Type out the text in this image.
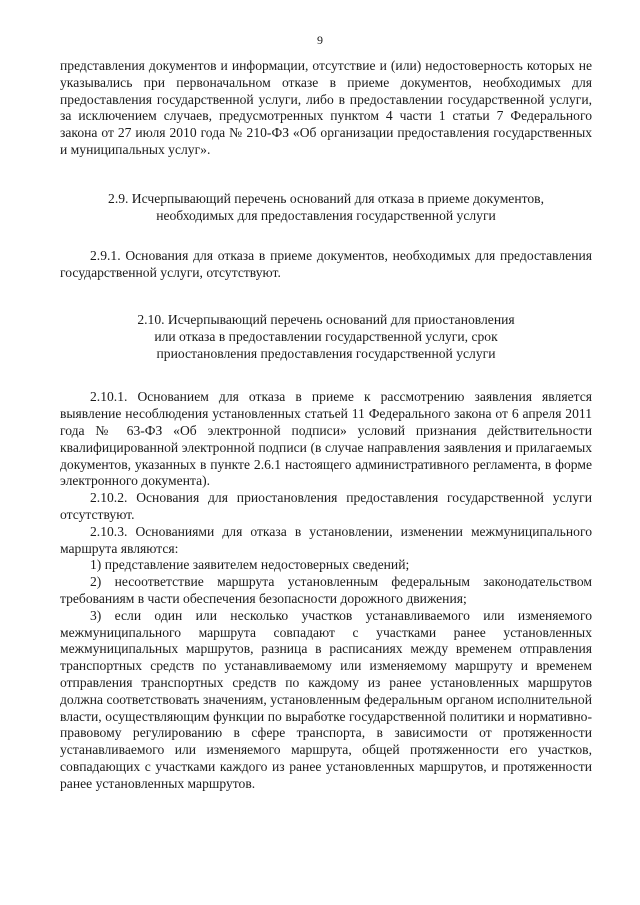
9

представления документов и информации, отсутствие и (или) недостоверность которых не указывались при первоначальном отказе в приеме документов, необходимых для предоставления государственной услуги, либо в предоставлении государственной услуги, за исключением случаев, предусмотренных пунктом 4 части 1 статьи 7 Федерального закона от 27 июля 2010 года № 210-ФЗ «Об организации предоставления государственных и муниципальных услуг».

2.9. Исчерпывающий перечень оснований для отказа в приеме документов,
необходимых для предоставления государственной услуги

2.9.1. Основания для отказа в приеме документов, необходимых для предоставления государственной услуги, отсутствуют.

2.10. Исчерпывающий перечень оснований для приостановления
или отказа в предоставлении государственной услуги, срок
приостановления предоставления государственной услуги

2.10.1. Основанием для отказа в приеме к рассмотрению заявления является выявление несоблюдения установленных статьей 11 Федерального закона от 6 апреля 2011 года № 63-ФЗ «Об электронной подписи» условий признания действительности квалифицированной электронной подписи (в случае направления заявления и прилагаемых документов, указанных в пункте 2.6.1 настоящего административного регламента, в форме электронного документа).

2.10.2. Основания для приостановления предоставления государственной услуги отсутствуют.

2.10.3. Основаниями для отказа в установлении, изменении межмуниципального маршрута являются:

1) представление заявителем недостоверных сведений;

2) несоответствие маршрута установленным федеральным законодательством требованиям в части обеспечения безопасности дорожного движения;

3) если один или несколько участков устанавливаемого или изменяемого межмуниципального маршрута совпадают с участками ранее установленных межмуниципальных маршрутов, разница в расписаниях между временем отправления транспортных средств по устанавливаемому или изменяемому маршруту и временем отправления транспортных средств по каждому из ранее установленных маршрутов должна соответствовать значениям, установленным федеральным органом исполнительной власти, осуществляющим функции по выработке государственной политики и нормативно-правовому регулированию в сфере транспорта, в зависимости от протяженности устанавливаемого или изменяемого маршрута, общей протяженности его участков, совпадающих с участками каждого из ранее установленных маршрутов, и протяженности ранее установленных маршрутов.
